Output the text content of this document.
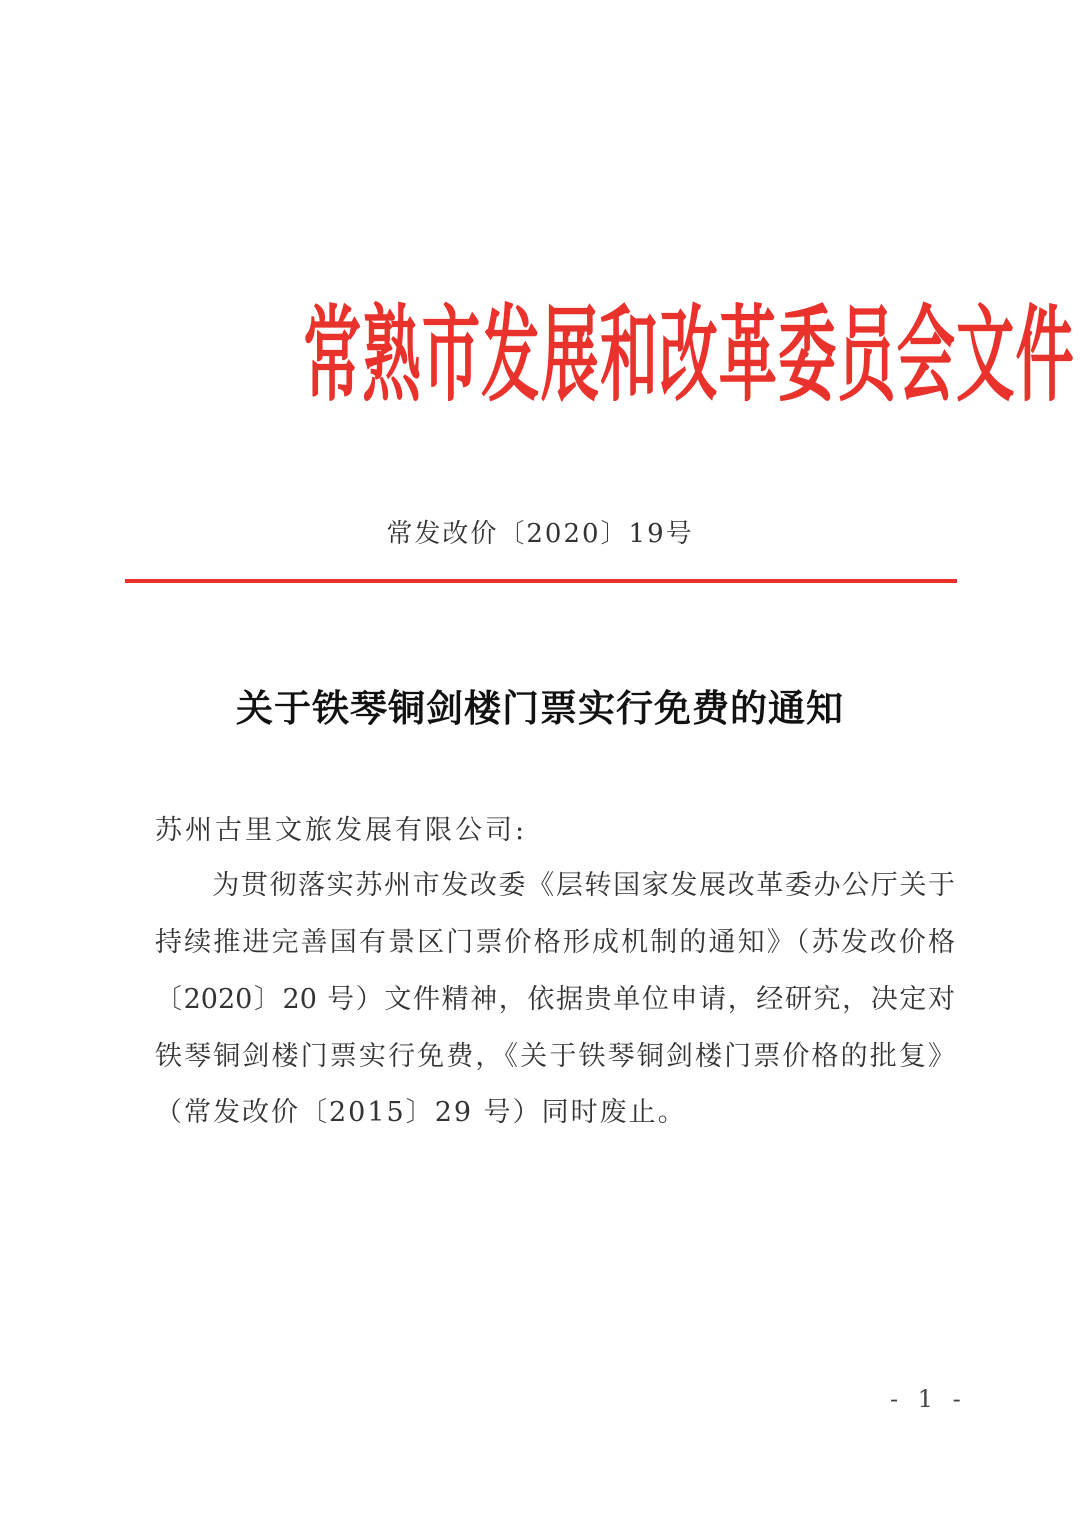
常熟市发展和改革委员会文件
常发改价〔2020〕19号
关于铁琴铜剑楼门票实行免费的通知
苏州古里文旅发展有限公司:
　　为贯彻落实苏州市发改委《层转国家发展改革委办公厅关于
持续推进完善国有景区门票价格形成机制的通知》（苏发改价格
〔2020〕20 号）文件精神，依据贵单位申请，经研究，决定对
铁琴铜剑楼门票实行免费，《关于铁琴铜剑楼门票价格的批复》
（常发改价〔2015〕29 号）同时废止。
- 1 -
